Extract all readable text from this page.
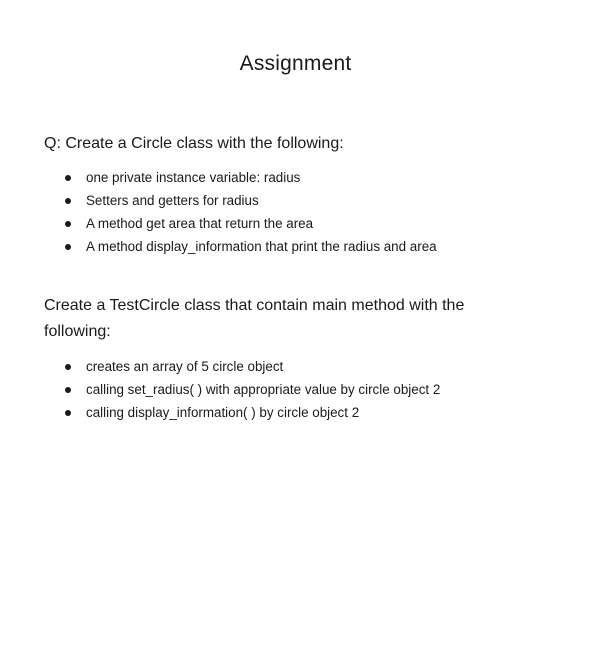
Assignment
Q: Create a Circle class with the following:
one private instance variable: radius
Setters and getters for radius
A method get area that return the area
A method display_information that print the radius and area
Create a TestCircle class that contain main method with the following:
creates an array of 5 circle object
calling set_radius( ) with appropriate value by circle object 2
calling display_information( ) by circle object 2
